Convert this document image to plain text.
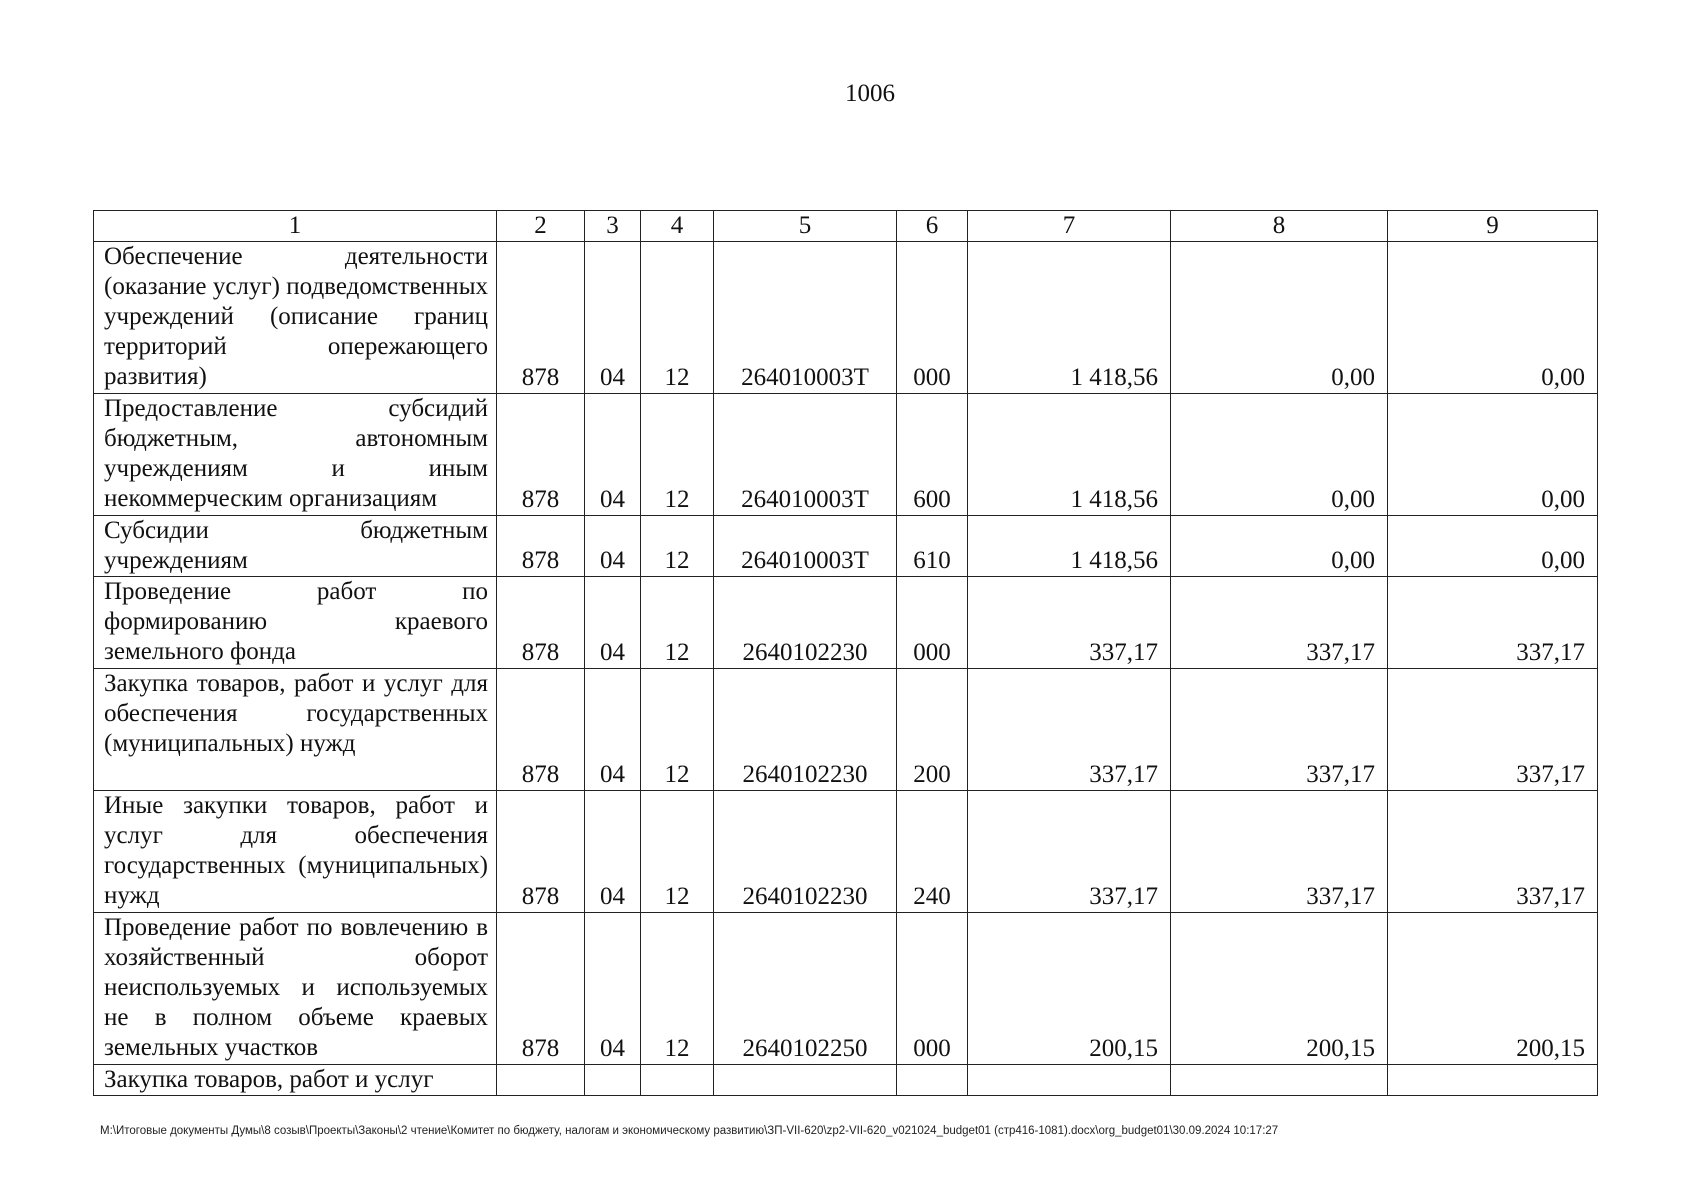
1006
1	2	3	4	5	6	7	8	9
Обеспечение деятельности (оказание услуг) подведомственных учреждений (описание границ территорий опережающего развития)	878	04	12	264010003Т	000	1 418,56	0,00	0,00
Предоставление субсидий бюджетным, автономным учреждениям и иным некоммерческим организациям	878	04	12	264010003Т	600	1 418,56	0,00	0,00
Субсидии бюджетным учреждениям	878	04	12	264010003Т	610	1 418,56	0,00	0,00
Проведение работ по формированию краевого земельного фонда	878	04	12	2640102230	000	337,17	337,17	337,17
Закупка товаров, работ и услуг для обеспечения государственных (муниципальных) нужд	878	04	12	2640102230	200	337,17	337,17	337,17
Иные закупки товаров, работ и услуг для обеспечения государственных (муниципальных) нужд	878	04	12	2640102230	240	337,17	337,17	337,17
Проведение работ по вовлечению в хозяйственный оборот неиспользуемых и используемых не в полном объеме краевых земельных участков	878	04	12	2640102250	000	200,15	200,15	200,15
Закупка товаров, работ и услуг								
M:\Итоговые документы Думы\8 созыв\Проекты\Законы\2 чтение\Комитет по бюджету, налогам и экономическому развитию\ЗП-VII-620\zp2-VII-620_v021024_budget01 (стр416-1081).docx\org_budget01\30.09.2024 10:17:27
